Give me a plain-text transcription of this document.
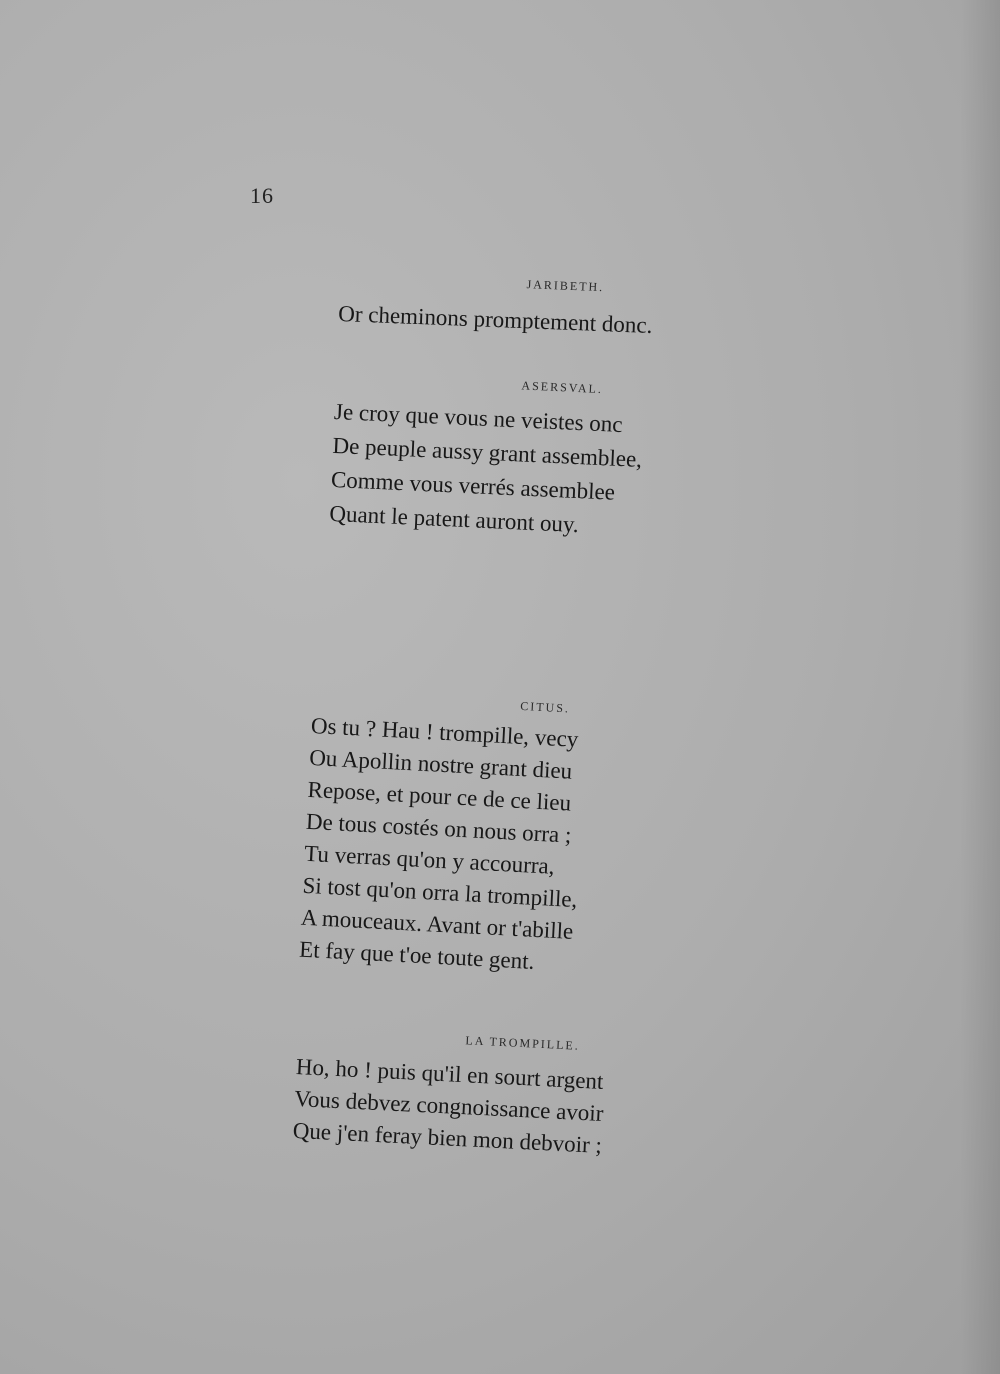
16
JARIBETH.
Or cheminons promptement donc.
ASERSVAL.
Je croy que vous ne veistes onc
De peuple aussy grant assemblee,
Comme vous verrés assemblee
Quant le patent auront ouy.
CITUS.
Os tu ? Hau ! trompille, vecy
Ou Apollin nostre grant dieu
Repose, et pour ce de ce lieu
De tous costés on nous orra ;
Tu verras qu'on y accourra,
Si tost qu'on orra la trompille,
A mouceaux. Avant or t'abille
Et fay que t'oe toute gent.
LA TROMPILLE.
Ho, ho ! puis qu'il en sourt argent
Vous debvez congnoissance avoir
Que j'en feray bien mon debvoir ;
